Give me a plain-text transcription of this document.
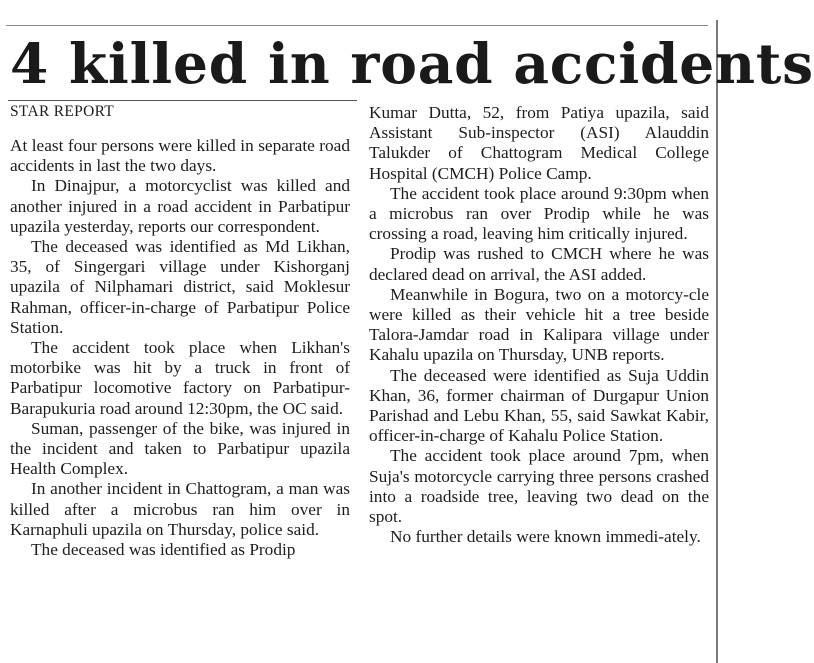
4 killed in road accidents
STAR REPORT

At least four persons were killed in separate road accidents in last the two days.

In Dinajpur, a motorcyclist was killed and another injured in a road accident in Parbatipur upazila yesterday, reports our correspondent.

The deceased was identified as Md Likhan, 35, of Singergari village under Kishorganj upazila of Nilphamari district, said Moklesur Rahman, officer-in-charge of Parbatipur Police Station.

The accident took place when Likhan's motorbike was hit by a truck in front of Parbatipur locomotive factory on Parbatipur-Barapukuria road around 12:30pm, the OC said.

Suman, passenger of the bike, was injured in the incident and taken to Parbatipur upazila Health Complex.

In another incident in Chattogram, a man was killed after a microbus ran him over in Karnaphuli upazila on Thursday, police said.

The deceased was identified as Prodip

Kumar Dutta, 52, from Patiya upazila, said Assistant Sub-inspector (ASI) Alauddin Talukder of Chattogram Medical College Hospital (CMCH) Police Camp.

The accident took place around 9:30pm when a microbus ran over Prodip while he was crossing a road, leaving him critically injured.

Prodip was rushed to CMCH where he was declared dead on arrival, the ASI added.

Meanwhile in Bogura, two on a motorcy-cle were killed as their vehicle hit a tree beside Talora-Jamdar road in Kalipara village under Kahalu upazila on Thursday, UNB reports.

The deceased were identified as Suja Uddin Khan, 36, former chairman of Durgapur Union Parishad and Lebu Khan, 55, said Sawkat Kabir, officer-in-charge of Kahalu Police Station.

The accident took place around 7pm, when Suja's motorcycle carrying three persons crashed into a roadside tree, leaving two dead on the spot.

No further details were known immedi-ately.
